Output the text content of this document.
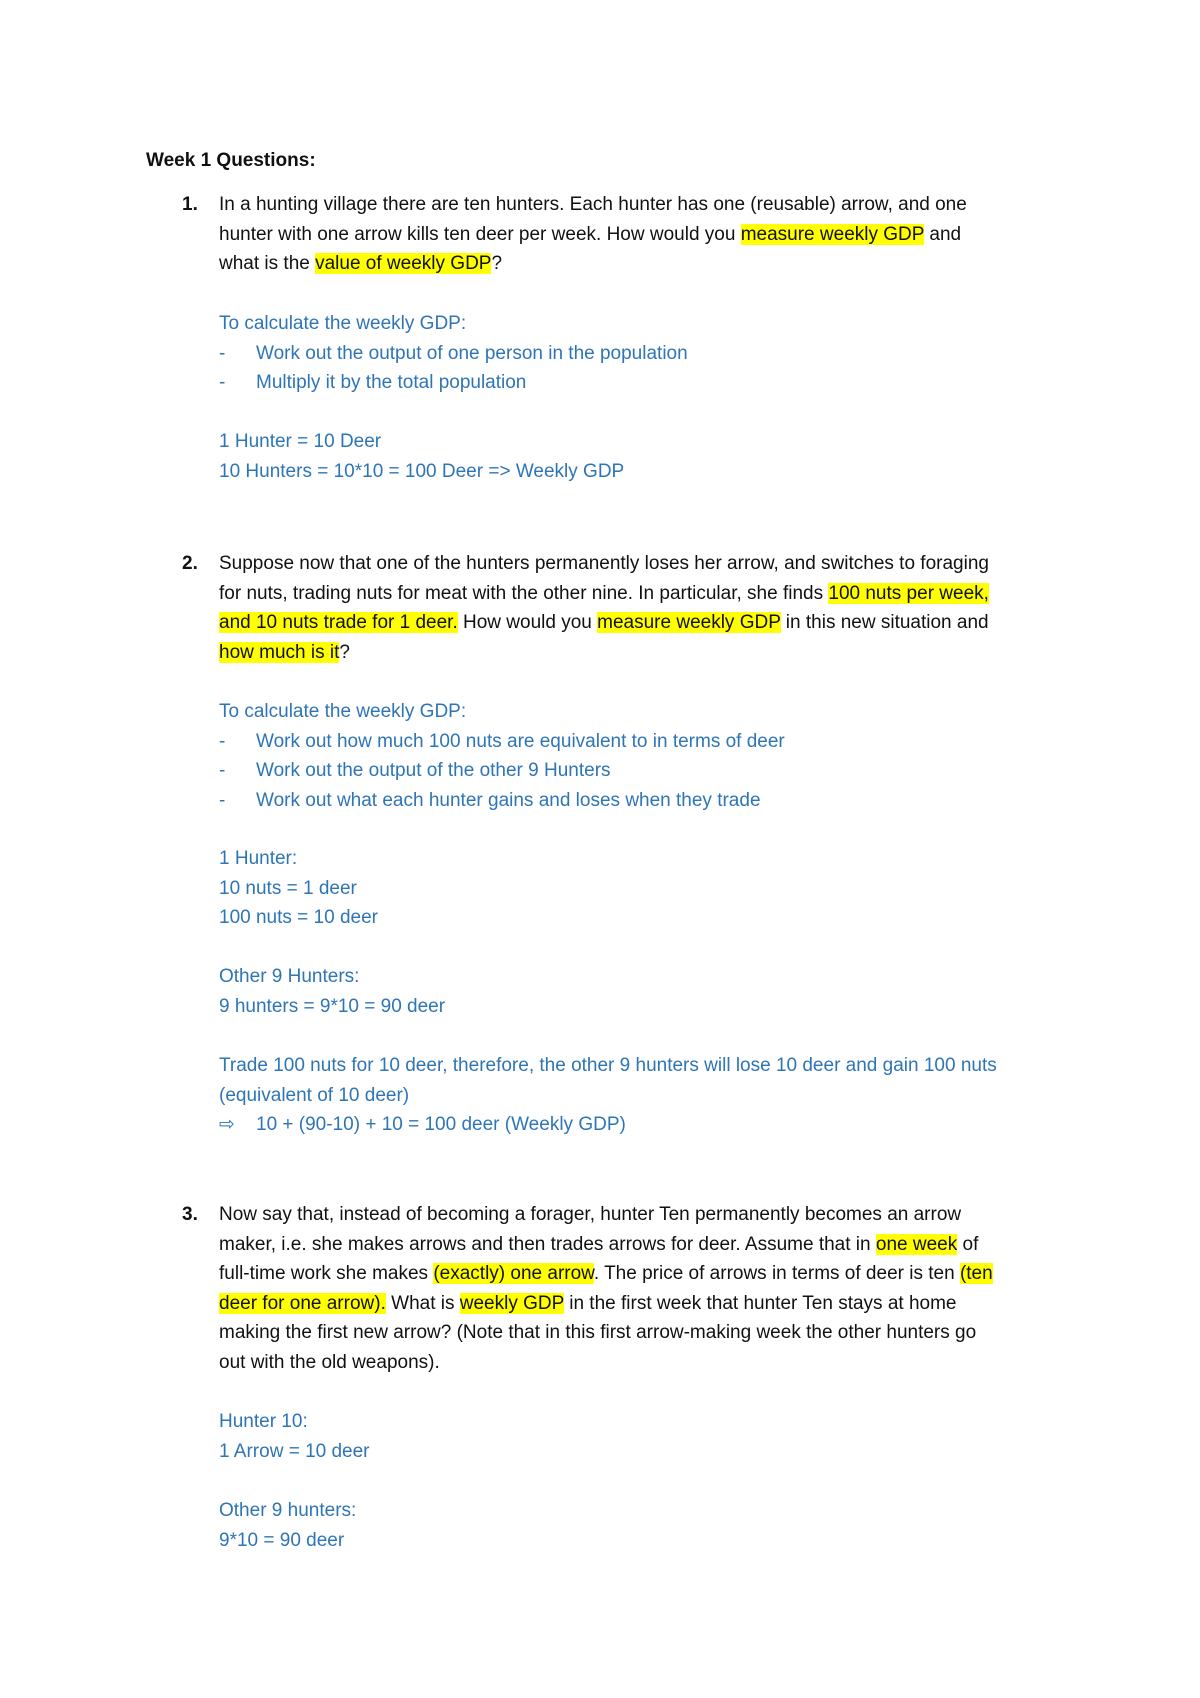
Week 1 Questions:

1. In a hunting village there are ten hunters. Each hunter has one (reusable) arrow, and one
hunter with one arrow kills ten deer per week. How would you measure weekly GDP and
what is the value of weekly GDP?
To calculate the weekly GDP:
- Work out the output of one person in the population
- Multiply it by the total population
1 Hunter = 10 Deer
10 Hunters = 10*10 = 100 Deer => Weekly GDP
2. Suppose now that one of the hunters permanently loses her arrow, and switches to foraging
for nuts, trading nuts for meat with the other nine. In particular, she finds 100 nuts per week,
and 10 nuts trade for 1 deer. How would you measure weekly GDP in this new situation and
how much is it?
To calculate the weekly GDP:
- Work out how much 100 nuts are equivalent to in terms of deer
- Work out the output of the other 9 Hunters
- Work out what each hunter gains and loses when they trade
1 Hunter:
10 nuts = 1 deer
100 nuts = 10 deer
Other 9 Hunters:
9 hunters = 9*10 = 90 deer
Trade 100 nuts for 10 deer, therefore, the other 9 hunters will lose 10 deer and gain 100 nuts
(equivalent of 10 deer)
⇨ 10 + (90-10) + 10 = 100 deer (Weekly GDP)
3. Now say that, instead of becoming a forager, hunter Ten permanently becomes an arrow
maker, i.e. she makes arrows and then trades arrows for deer. Assume that in one week of
full-time work she makes (exactly) one arrow. The price of arrows in terms of deer is ten (ten
deer for one arrow). What is weekly GDP in the first week that hunter Ten stays at home
making the first new arrow? (Note that in this first arrow-making week the other hunters go
out with the old weapons).
Hunter 10:
1 Arrow = 10 deer
Other 9 hunters:
9*10 = 90 deer
